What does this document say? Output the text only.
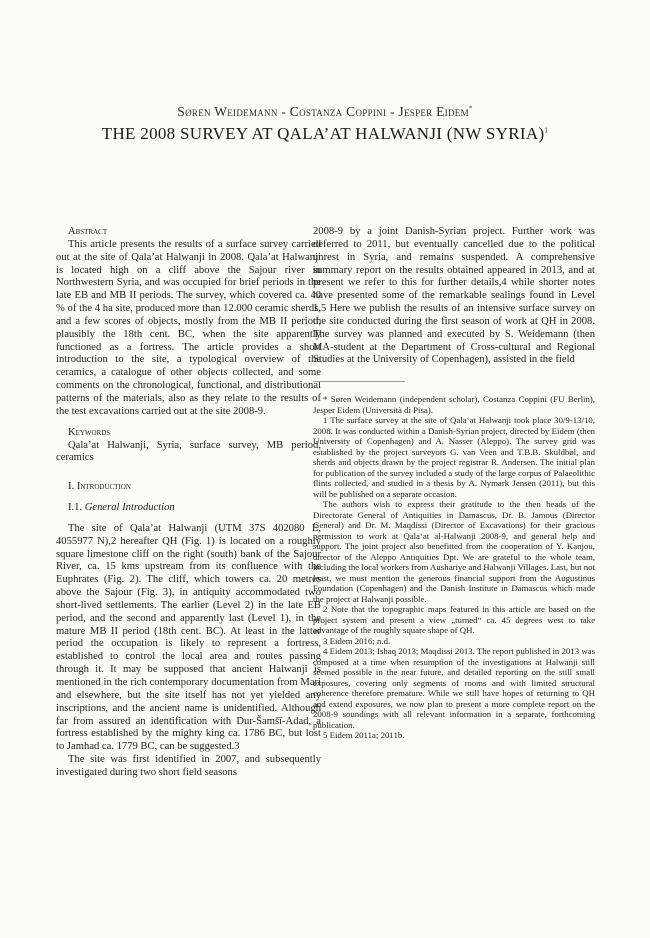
Søren Weidemann - Costanza Coppini - Jesper Eidem*
THE 2008 SURVEY AT QALA’AT HALWANJI (NW SYRIA)$^1$

Abstract

This article presents the results of a surface survey carried out at the site of Qala’at Halwanji in 2008. Qala’at Halwanji is located high on a cliff above the Sajour river in Northwestern Syria, and was occupied for brief periods in the late EB and MB II periods. The survey, which covered ca. 40 % of the 4 ha site, produced more than 12.000 ceramic sherds, and a few scores of objects, mostly from the MB II period, plausibly the 18th cent. BC, when the site apparently functioned as a fortress. The article provides a short introduction to the site, a typological overview of the ceramics, a catalogue of other objects collected, and some comments on the chronological, functional, and distributional patterns of the materials, also as they relate to the results of the test excavations carried out at the site 2008-9.

Keywords

Qala’at Halwanji, Syria, surface survey, MB period, ceramics

I. Introduction

I.1. General Introduction

The site of Qala’at Halwanji (UTM 37S 402080 E, 4055977 N),2 hereafter QH (Fig. 1) is located on a roughly square limestone cliff on the right (south) bank of the Sajour River, ca. 15 kms upstream from its confluence with the Euphrates (Fig. 2). The cliff, which towers ca. 20 metres above the Sajour (Fig. 3), in antiquity accommodated two short-lived settlements. The earlier (Level 2) in the late EB period, and the second and apparently last (Level 1), in the mature MB II period (18th cent. BC). At least in the latter period the occupation is likely to represent a fortress, established to control the local area and routes passing through it. It may be supposed that ancient Halwanji is mentioned in the rich contemporary documentation from Mari and elsewhere, but the site itself has not yet yielded any inscriptions, and the ancient name is unidentified. Although far from assured an identification with Dur-Šamšī-Adad, a fortress established by the mighty king ca. 1786 BC, but lost to Jamhad ca. 1779 BC, can be suggested.3

The site was first identified in 2007, and subsequently investigated during two short field seasons

2008-9 by a joint Danish-Syrian project. Further work was deferred to 2011, but eventually cancelled due to the political unrest in Syria, and remains suspended. A comprehensive summary report on the results obtained appeared in 2013, and at present we refer to this for further details,4 while shorter notes have presented some of the remarkable sealings found in Level 1.5 Here we publish the results of an intensive surface survey on the site conducted during the first season of work at QH in 2008. The survey was planned and executed by S. Weidemann (then MA-student at the Department of Cross-cultural and Regional Studies at the University of Copenhagen), assisted in the field

* Søren Weidemann (independent scholar), Costanza Coppini (FU Berlin), Jesper Eidem (Università di Pisa).

1 The surface survey at the site of Qala‘at Halwanji took place 30/9-13/10, 2008. It was conducted within a Danish-Syrian project, directed by Eidem (then University of Copenhagen) and A. Nasser (Aleppo). The survey grid was established by the project surveyors G. van Veen and T.B.B. Skuldbøl, and sherds and objects drawn by the project registrar R. Andersen. The initial plan for publication of the survey included a study of the large corpus of Palaeolithic flints collected, and studied in a thesis by A. Nymark Jensen (2011), but this will be published on a separate occasion.

The authors wish to express their gratitude to the then heads of the Directorate General of Antiquities in Damascus, Dr. B. Jamous (Director General) and Dr. M. Maqdissi (Director of Excavations) for their gracious permission to work at Qala‘at al-Halwanji 2008-9, and general help and support. The joint project also benefitted from the cooperation of Y. Kanjou, director of the Aleppo Antiquities Dpt. We are grateful to the whole team, including the local workers from Aushariye and Halwanji Villages. Last, but not least, we must mention the generous financial support from the Augustinus Foundation (Copenhagen) and the Danish Institute in Damascus which made the project at Halwanji possible.

2 Note that the topographic maps featured in this article are based on the project system and present a view „turned“ ca. 45 degrees west to take advantage of the roughly square shape of QH.

3 Eidem 2016; n.d.

4 Eidem 2013; Ishaq 2013; Maqdissi 2013. The report published in 2013 was composed at a time when resumption of the investigations at Halwanji still seemed possible in the near future, and detailed reporting on the still small exposures, covering only segments of rooms and with limited structural coherence therefore premature. While we still have hopes of returning to QH and extend exposures, we now plan to present a more complete report on the 2008-9 soundings with all relevant information in a separate, forthcoming publication.

5 Eidem 2011a; 2011b.
